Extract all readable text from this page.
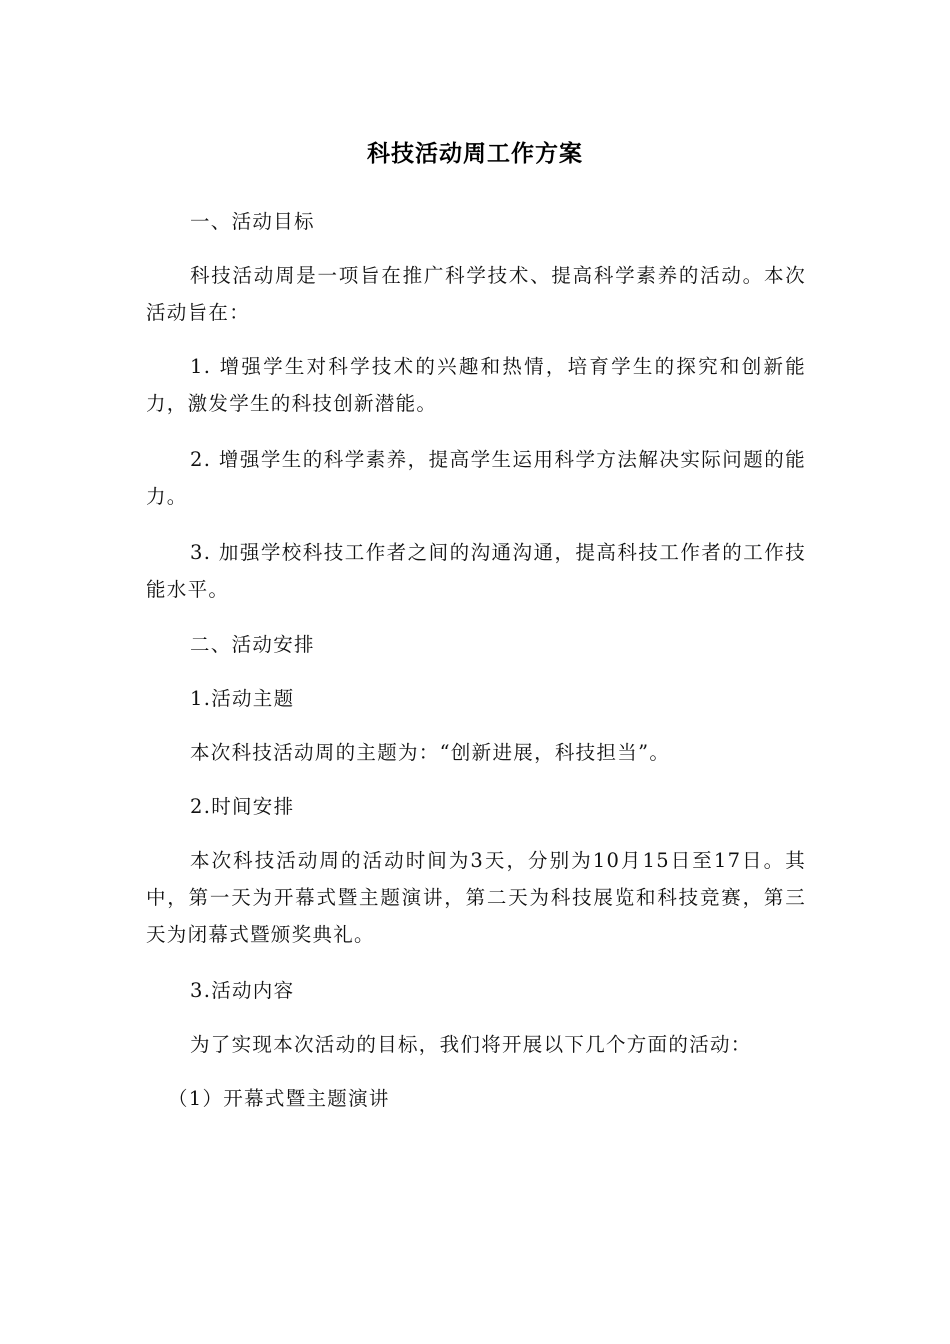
科技活动周工作方案

一、活动目标

科技活动周是一项旨在推广科学技术、提高科学素养的活动。本次活动旨在：

1. 增强学生对科学技术的兴趣和热情，培育学生的探究和创新能力，激发学生的科技创新潜能。

2. 增强学生的科学素养，提高学生运用科学方法解决实际问题的能力。

3. 加强学校科技工作者之间的沟通沟通，提高科技工作者的工作技能水平。

二、活动安排

1.活动主题

本次科技活动周的主题为：“创新进展，科技担当”。

2.时间安排

本次科技活动周的活动时间为3天，分别为10月15日至17日。其中，第一天为开幕式暨主题演讲，第二天为科技展览和科技竞赛，第三天为闭幕式暨颁奖典礼。

3.活动内容

为了实现本次活动的目标，我们将开展以下几个方面的活动：

（1）开幕式暨主题演讲
